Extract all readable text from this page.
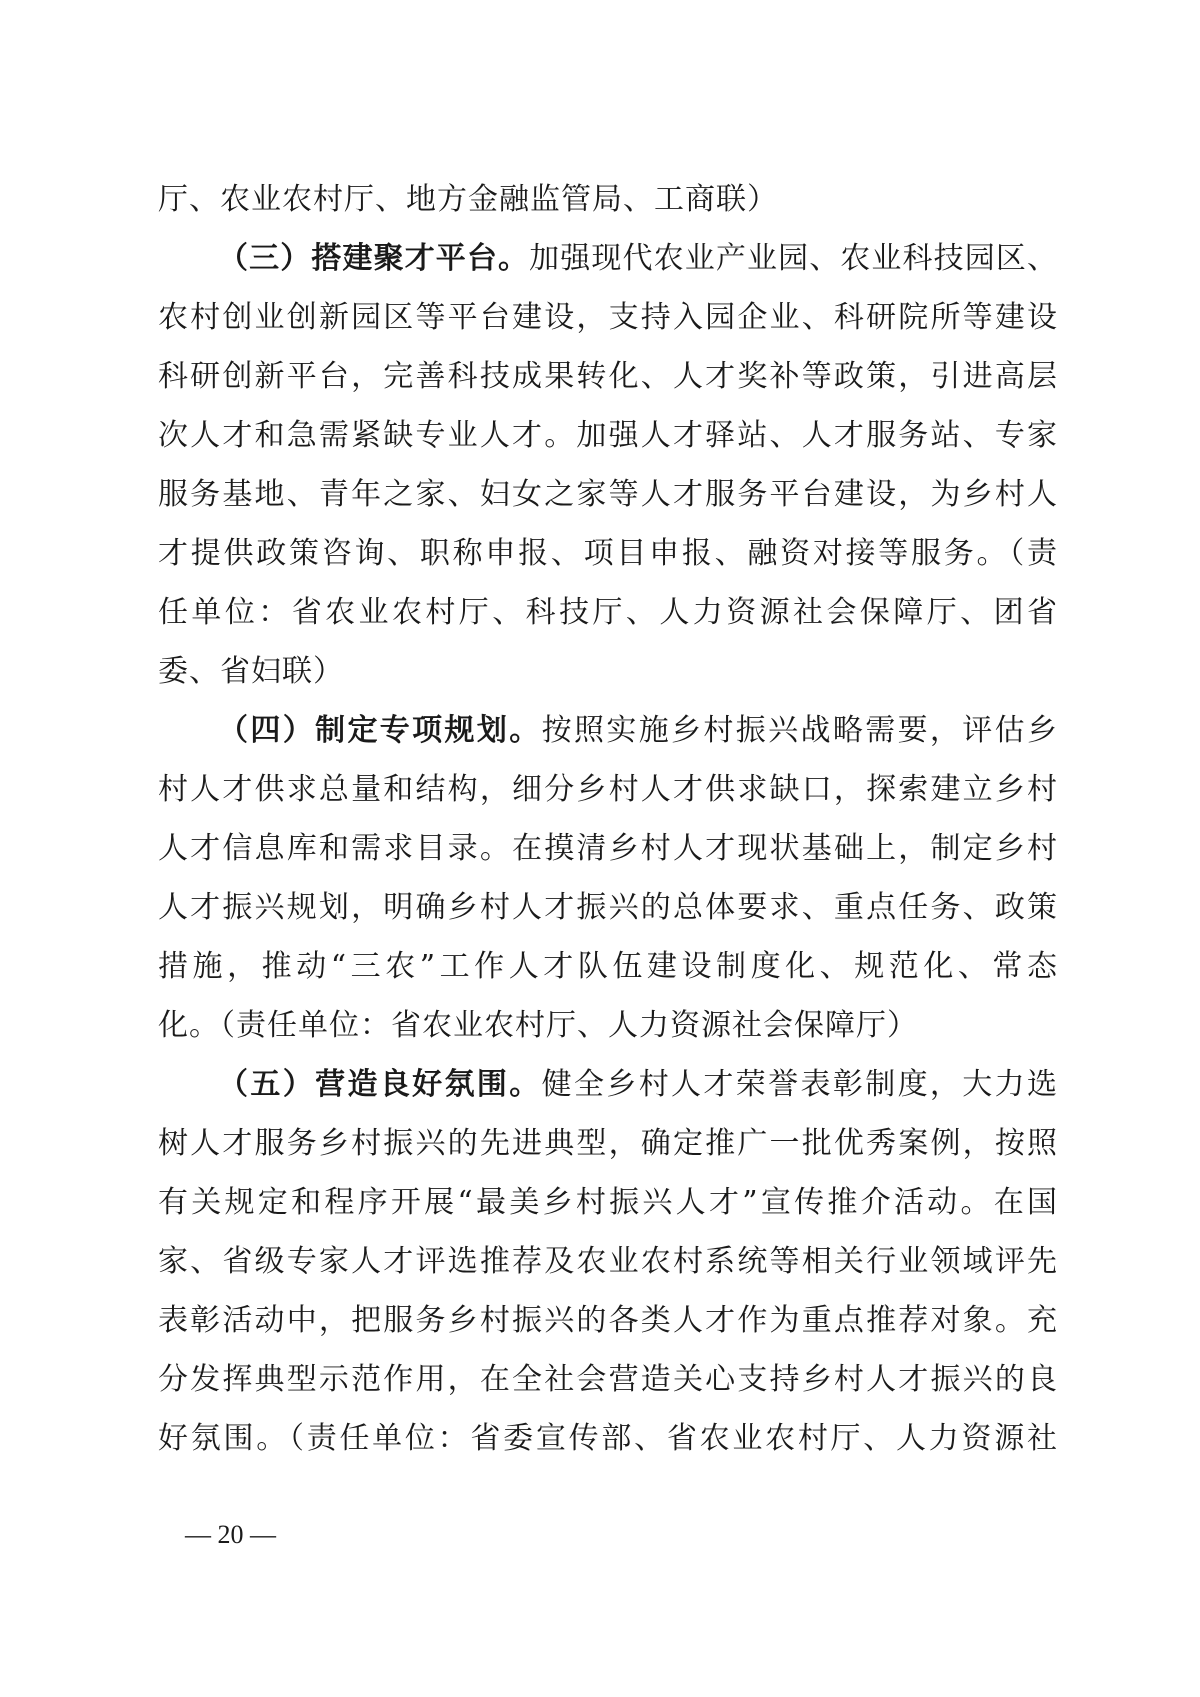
厅、农业农村厅、地方金融监管局、工商联）
（三）搭建聚才平台。加强现代农业产业园、农业科技园区、
农村创业创新园区等平台建设，支持入园企业、科研院所等建设
科研创新平台，完善科技成果转化、人才奖补等政策，引进高层
次人才和急需紧缺专业人才。加强人才驿站、人才服务站、专家
服务基地、青年之家、妇女之家等人才服务平台建设，为乡村人
才提供政策咨询、职称申报、项目申报、融资对接等服务。（责
任单位：省农业农村厅、科技厅、人力资源社会保障厅、团省
委、省妇联）
（四）制定专项规划。按照实施乡村振兴战略需要，评估乡
村人才供求总量和结构，细分乡村人才供求缺口，探索建立乡村
人才信息库和需求目录。在摸清乡村人才现状基础上，制定乡村
人才振兴规划，明确乡村人才振兴的总体要求、重点任务、政策
措施，推动“三农”工作人才队伍建设制度化、规范化、常态
化。（责任单位：省农业农村厅、人力资源社会保障厅）
（五）营造良好氛围。健全乡村人才荣誉表彰制度，大力选
树人才服务乡村振兴的先进典型，确定推广一批优秀案例，按照
有关规定和程序开展“最美乡村振兴人才”宣传推介活动。在国
家、省级专家人才评选推荐及农业农村系统等相关行业领域评先
表彰活动中，把服务乡村振兴的各类人才作为重点推荐对象。充
分发挥典型示范作用，在全社会营造关心支持乡村人才振兴的良
好氛围。（责任单位：省委宣传部、省农业农村厅、人力资源社
— 20 —
